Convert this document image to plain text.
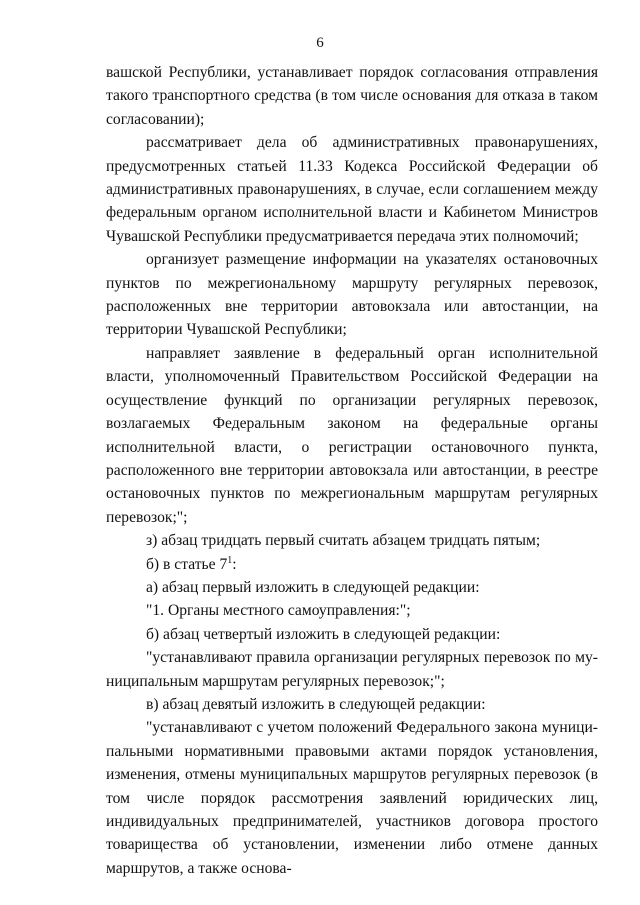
6

вашской Республики, устанавливает порядок согласования отправления такого транспортного средства (в том числе основания для отказа в таком согласовании);

рассматривает дела об административных правонарушениях, предусмотренных статьей 11.33 Кодекса Российской Федерации об административных правонарушениях, в случае, если соглашением между федеральным органом исполнительной власти и Кабинетом Министров Чувашской Республики предусматривается передача этих полномочий;

организует размещение информации на указателях остановочных пунктов по межрегиональному маршруту регулярных перевозок, расположенных вне территории автовокзала или автостанции, на территории Чувашской Республики;

направляет заявление в федеральный орган исполнительной власти, уполномоченный Правительством Российской Федерации на осуществление функций по организации регулярных перевозок, возлагаемых Федеральным законом на федеральные органы исполнительной власти, о регистрации остановочного пункта, расположенного вне территории автовокзала или автостанции, в реестре остановочных пунктов по межрегиональным маршрутам регулярных перевозок;";

з) абзац тридцать первый считать абзацем тридцать пятым;

б) в статье $7^1$:

а) абзац первый изложить в следующей редакции:

"1. Органы местного самоуправления:";

б) абзац четвертый изложить в следующей редакции:

"устанавливают правила организации регулярных перевозок по муниципальным маршрутам регулярных перевозок;";

в) абзац девятый изложить в следующей редакции:

"устанавливают с учетом положений Федерального закона муниципальными нормативными правовыми актами порядок установления, изменения, отмены муниципальных маршрутов регулярных перевозок (в том числе порядок рассмотрения заявлений юридических лиц, индивидуальных предпринимателей, участников договора простого товарищества об установлении, изменении либо отмене данных маршрутов, а также основа-
